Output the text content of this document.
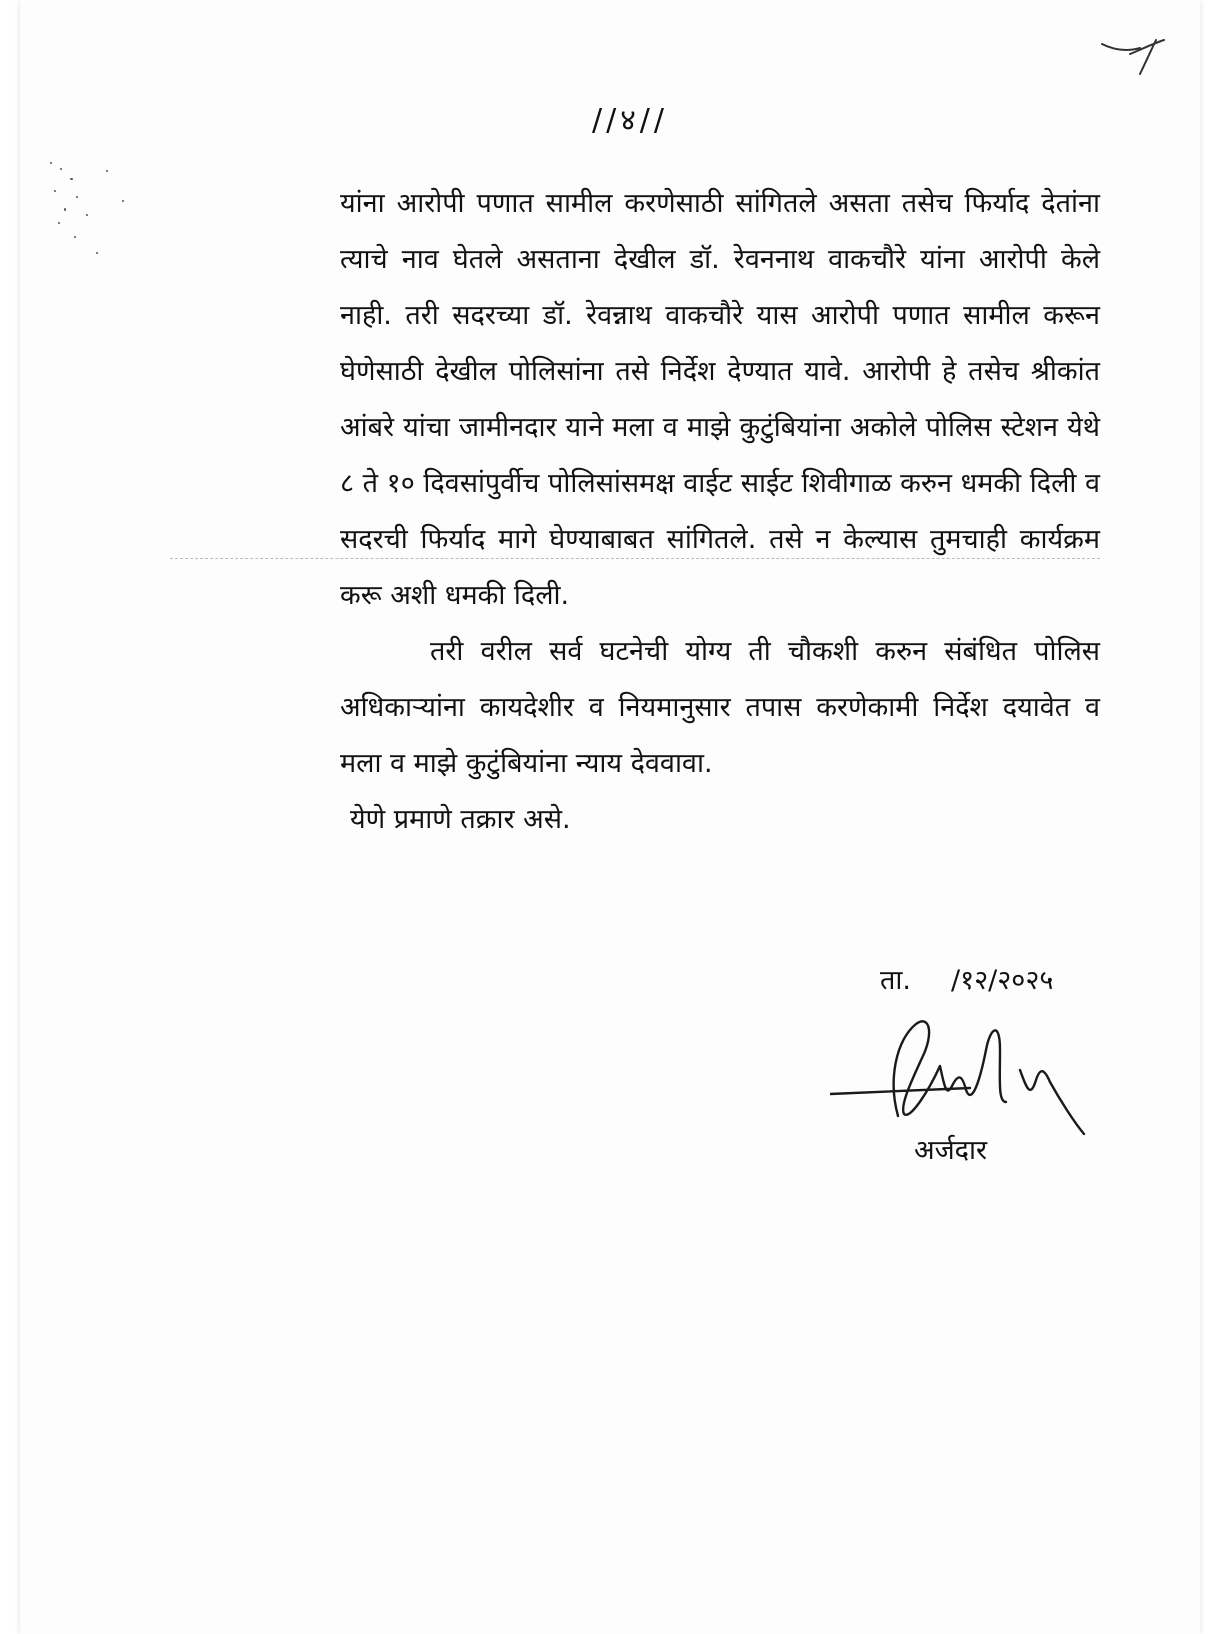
//४//

यांना आरोपी पणात सामील करणेसाठी सांगितले असता तसेच फिर्याद देतांना त्याचे नाव घेतले असताना देखील डॉ. रेवननाथ वाकचौरे यांना आरोपी केले नाही. तरी सदरच्या डॉ. रेवन्नाथ वाकचौरे यास आरोपी पणात सामील करून घेणेसाठी देखील पोलिसांना तसे निर्देश देण्यात यावे. आरोपी हे तसेच श्रीकांत आंबरे यांचा जामीनदार याने मला व माझे कुटुंबियांना अकोले पोलिस स्टेशन येथे ८ ते १० दिवसांपुर्वीच पोलिसांसमक्ष वाईट साईट शिवीगाळ करुन धमकी दिली व सदरची फिर्याद मागे घेण्याबाबत सांगितले. तसे न केल्यास तुमचाही कार्यक्रम करू अशी धमकी दिली.

तरी वरील सर्व घटनेची योग्य ती चौकशी करुन संबंधित पोलिस अधिकाऱ्यांना कायदेशीर व नियमानुसार तपास करणेकामी निर्देश दयावेत व मला व माझे कुटुंबियांना न्याय देववावा.

येणे प्रमाणे तक्रार असे.

ता. /१२/२०२५
अर्जदार
